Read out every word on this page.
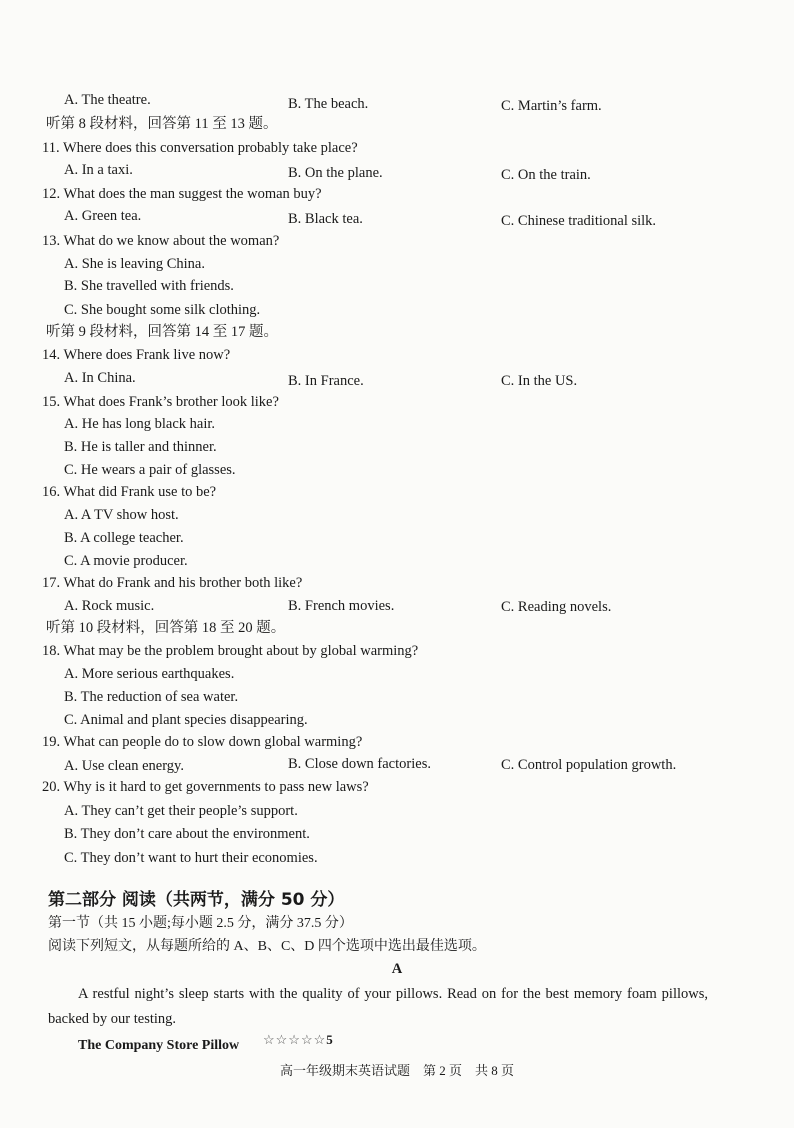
A. The theatre.	B. The beach.	C. Martin’s farm.
听第 8 段材料，回答第 11 至 13 题。
11. Where does this conversation probably take place?
A. In a taxi.	B. On the plane.	C. On the train.
12. What does the man suggest the woman buy?
A. Green tea.	B. Black tea.	C. Chinese traditional silk.
13. What do we know about the woman?
A. She is leaving China.
B. She travelled with friends.
C. She bought some silk clothing.
听第 9 段材料，回答第 14 至 17 题。
14. Where does Frank live now?
A. In China.	B. In France.	C. In the US.
15. What does Frank’s brother look like?
A. He has long black hair.
B. He is taller and thinner.
C. He wears a pair of glasses.
16. What did Frank use to be?
A. A TV show host.
B. A college teacher.
C. A movie producer.
17. What do Frank and his brother both like?
A. Rock music.	B. French movies.	C. Reading novels.
听第 10 段材料，回答第 18 至 20 题。
18. What may be the problem brought about by global warming?
A. More serious earthquakes.
B. The reduction of sea water.
C. Animal and plant species disappearing.
19. What can people do to slow down global warming?
A. Use clean energy.	B. Close down factories.	C. Control population growth.
20. Why is it hard to get governments to pass new laws?
A. They can’t get their people’s support.
B. They don’t care about the environment.
C. They don’t want to hurt their economies.
第二部分 阅读（共两节，满分 50 分）
第一节（共 15 小题;每小题 2.5 分，满分 37.5 分）
阅读下列短文，从每题所给的 A、B、C、D 四个选项中选出最佳选项。
A
A restful night’s sleep starts with the quality of your pillows. Read on for the best memory foam pillows, backed by our testing.
The Company Store Pillow ☆☆☆☆☆5
高一年级期末英语试题　第 2 页　共 8 页
